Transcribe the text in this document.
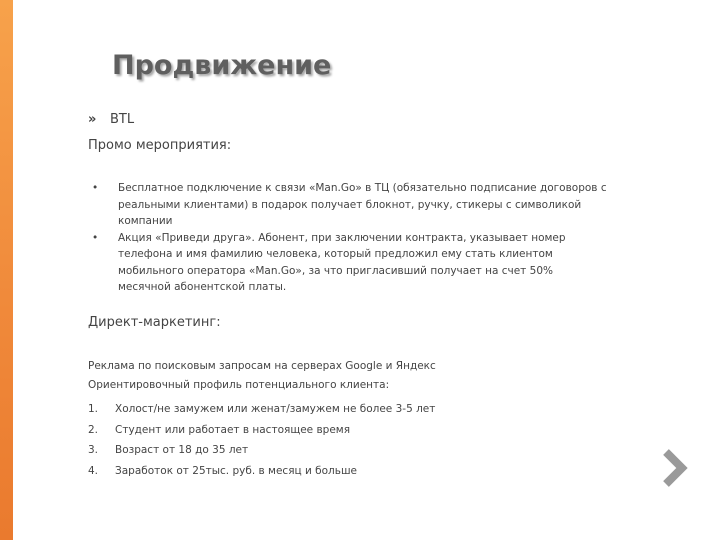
Продвижение
» BTL
Промо мероприятия:
•	Бесплатное подключение к связи «Man.Go» в ТЦ (обязательно подписание договоров с реальными клиентами) в подарок получает блокнот, ручку, стикеры с символикой компании
•	Акция «Приведи друга». Абонент, при заключении контракта, указывает номер телефона и имя фамилию человека, который предложил ему стать клиентом мобильного оператора «Man.Go», за что пригласивший получает на счет 50% месячной абонентской платы.
Директ-маркетинг:
Реклама по поисковым запросам на серверах Google и Яндекс
Ориентировочный профиль потенциального клиента:
1.	Холост/не замужем или женат/замужем не более 3-5 лет
2.	Студент или работает в настоящее время
3.	Возраст от 18 до 35 лет
4.	Заработок от 25тыс. руб. в месяц и больше
